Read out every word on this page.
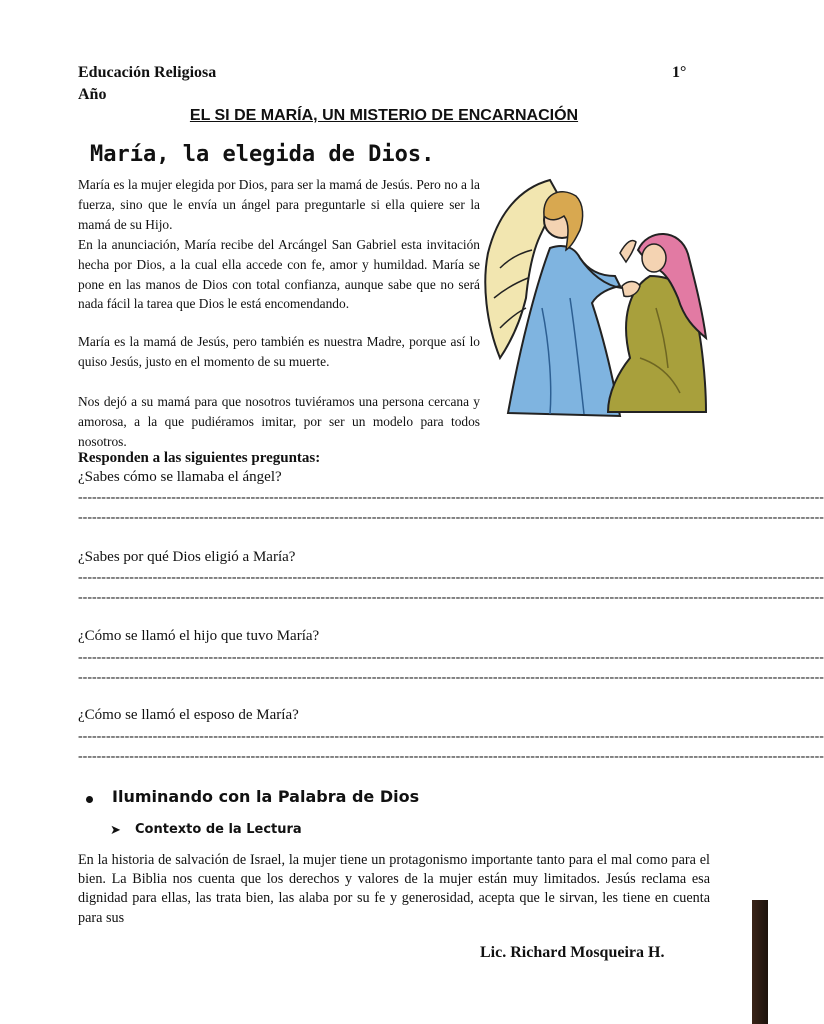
Educación Religiosa	1°
Año
EL SI DE MARÍA, UN MISTERIO DE ENCARNACIÓN
María, la elegida de Dios.
María es la mujer elegida por Dios, para ser la mamá de Jesús. Pero no a la fuerza, sino que le envía un ángel para preguntarle si ella quiere ser la mamá de su Hijo.
En la anunciación, María recibe del Arcángel San Gabriel esta invitación hecha por Dios, a la cual ella accede con fe, amor y humildad. María se pone en las manos de Dios con total confianza, aunque sabe que no será nada fácil la tarea que Dios le está encomendando.
María es la mamá de Jesús, pero también es nuestra Madre, porque así lo quiso Jesús, justo en el momento de su muerte.
Nos dejó a su mamá para que nosotros tuviéramos una persona cercana y amorosa, a la que pudiéramos imitar, por ser un modelo para todos nosotros.
Responden a las siguientes preguntas:
¿Sabes cómo se llamaba el ángel?
----------------------------------------------------------------------------------------------------------------------------------------------------------------
----------------------------------------------------------------------------------------------------------------------------------------------------------------
¿Sabes por qué Dios eligió a María?
----------------------------------------------------------------------------------------------------------------------------------------------------------------
----------------------------------------------------------------------------------------------------------------------------------------------------------------
¿Cómo se llamó el hijo que tuvo María?
----------------------------------------------------------------------------------------------------------------------------------------------------------------
----------------------------------------------------------------------------------------------------------------------------------------------------------------
¿Cómo se llamó el esposo de María?
----------------------------------------------------------------------------------------------------------------------------------------------------------------
----------------------------------------------------------------------------------------------------------------------------------------------------------------
Iluminando con la Palabra de Dios
➤ Contexto de la Lectura
En la historia de salvación de Israel, la mujer tiene un protagonismo importante tanto para el mal como para el bien. La Biblia nos cuenta que los derechos y valores de la mujer están muy limitados. Jesús reclama esa dignidad para ellas, las trata bien, las alaba por su fe y generosidad, acepta que le sirvan, les tiene en cuenta para sus
Lic. Richard Mosqueira H.
